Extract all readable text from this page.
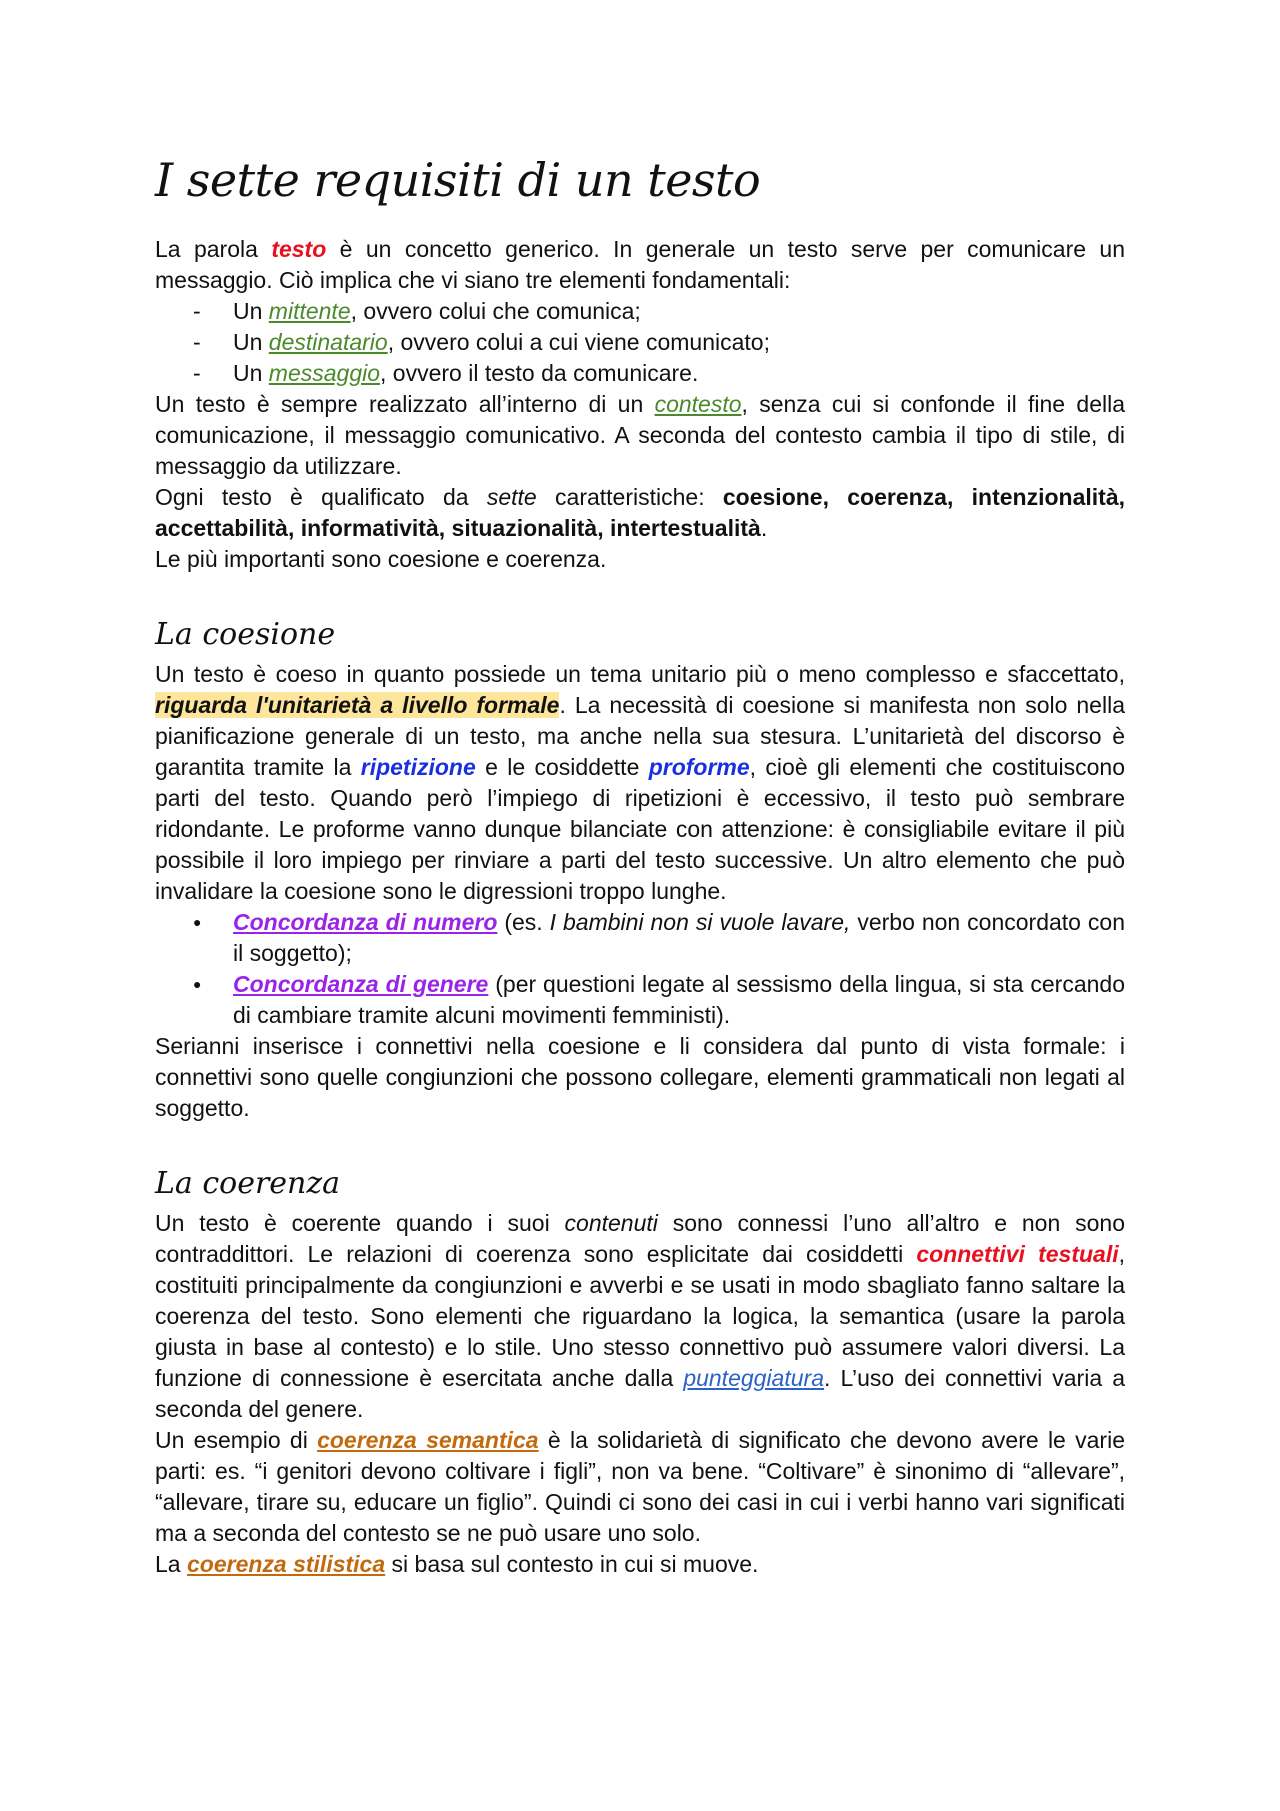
I sette requisiti di un testo

La parola testo è un concetto generico. In generale un testo serve per comunicare un messaggio. Ciò implica che vi siano tre elementi fondamentali:

- Un mittente, ovvero colui che comunica;
- Un destinatario, ovvero colui a cui viene comunicato;
- Un messaggio, ovvero il testo da comunicare.

Un testo è sempre realizzato all’interno di un contesto, senza cui si confonde il fine della comunicazione, il messaggio comunicativo. A seconda del contesto cambia il tipo di stile, di messaggio da utilizzare.

Ogni testo è qualificato da sette caratteristiche: coesione, coerenza, intenzionalità, accettabilità, informatività, situazionalità, intertestualità.

Le più importanti sono coesione e coerenza.

La coesione

Un testo è coeso in quanto possiede un tema unitario più o meno complesso e sfaccettato, riguarda l'unitarietà a livello formale. La necessità di coesione si manifesta non solo nella pianificazione generale di un testo, ma anche nella sua stesura. L’unitarietà del discorso è garantita tramite la ripetizione e le cosiddette proforme, cioè gli elementi che costituiscono parti del testo. Quando però l’impiego di ripetizioni è eccessivo, il testo può sembrare ridondante. Le proforme vanno dunque bilanciate con attenzione: è consigliabile evitare il più possibile il loro impiego per rinviare a parti del testo successive. Un altro elemento che può invalidare la coesione sono le digressioni troppo lunghe.

● Concordanza di numero (es. I bambini non si vuole lavare, verbo non concordato con il soggetto);
● Concordanza di genere (per questioni legate al sessismo della lingua, si sta cercando di cambiare tramite alcuni movimenti femministi).

Serianni inserisce i connettivi nella coesione e li considera dal punto di vista formale: i connettivi sono quelle congiunzioni che possono collegare, elementi grammaticali non legati al soggetto.

La coerenza

Un testo è coerente quando i suoi contenuti sono connessi l’uno all’altro e non sono contraddittori. Le relazioni di coerenza sono esplicitate dai cosiddetti connettivi testuali, costituiti principalmente da congiunzioni e avverbi e se usati in modo sbagliato fanno saltare la coerenza del testo. Sono elementi che riguardano la logica, la semantica (usare la parola giusta in base al contesto) e lo stile. Uno stesso connettivo può assumere valori diversi. La funzione di connessione è esercitata anche dalla punteggiatura. L’uso dei connettivi varia a seconda del genere.

Un esempio di coerenza semantica è la solidarietà di significato che devono avere le varie parti: es. “i genitori devono coltivare i figli”, non va bene. “Coltivare” è sinonimo di “allevare”, “allevare, tirare su, educare un figlio”. Quindi ci sono dei casi in cui i verbi hanno vari significati ma a seconda del contesto se ne può usare uno solo.

La coerenza stilistica si basa sul contesto in cui si muove.
